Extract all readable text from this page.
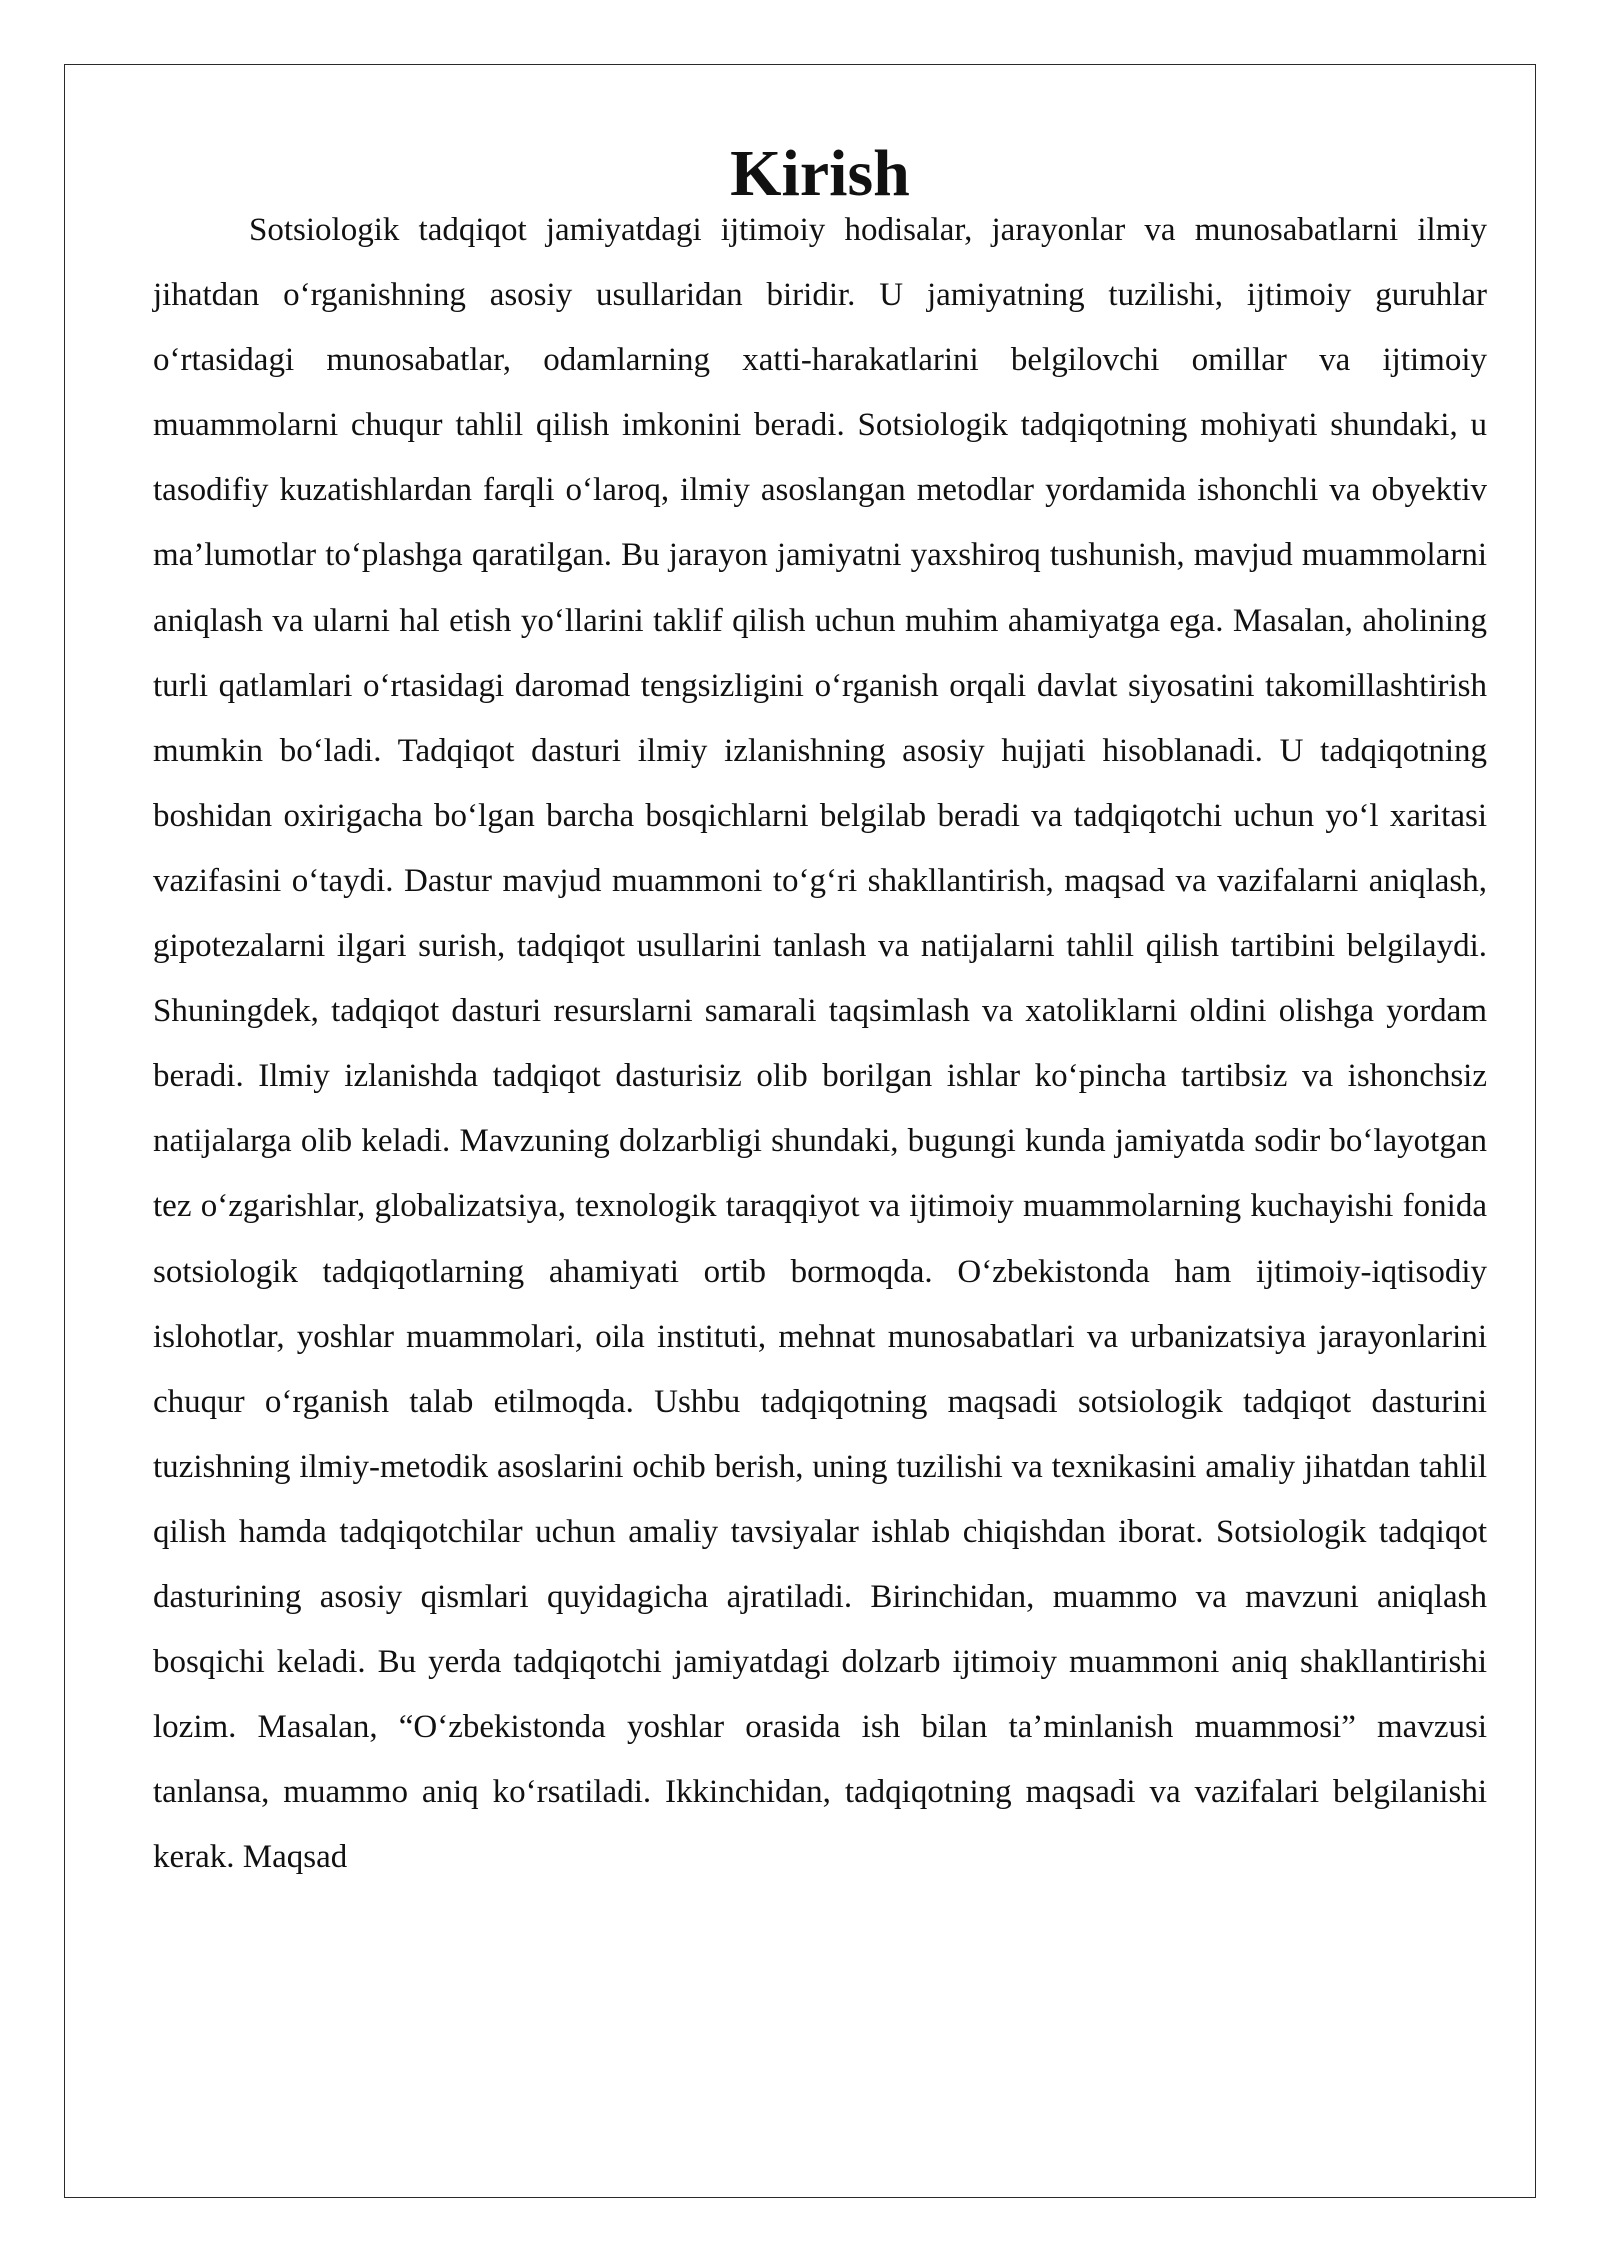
Kirish

Sotsiologik tadqiqot jamiyatdagi ijtimoiy hodisalar, jarayonlar va munosabatlarni ilmiy jihatdan o‘rganishning asosiy usullaridan biridir. U jamiyatning tuzilishi, ijtimoiy guruhlar o‘rtasidagi munosabatlar, odamlarning xatti-harakatlarini belgilovchi omillar va ijtimoiy muammolarni chuqur tahlil qilish imkonini beradi. Sotsiologik tadqiqotning mohiyati shundaki, u tasodifiy kuzatishlardan farqli o‘laroq, ilmiy asoslangan metodlar yordamida ishonchli va obyektiv ma’lumotlar to‘plashga qaratilgan. Bu jarayon jamiyatni yaxshiroq tushunish, mavjud muammolarni aniqlash va ularni hal etish yo‘llarini taklif qilish uchun muhim ahamiyatga ega. Masalan, aholining turli qatlamlari o‘rtasidagi daromad tengsizligini o‘rganish orqali davlat siyosatini takomillashtirish mumkin bo‘ladi. Tadqiqot dasturi ilmiy izlanishning asosiy hujjati hisoblanadi. U tadqiqotning boshidan oxirigacha bo‘lgan barcha bosqichlarni belgilab beradi va tadqiqotchi uchun yo‘l xaritasi vazifasini o‘taydi. Dastur mavjud muammoni to‘g‘ri shakllantirish, maqsad va vazifalarni aniqlash, gipotezalarni ilgari surish, tadqiqot usullarini tanlash va natijalarni tahlil qilish tartibini belgilaydi. Shuningdek, tadqiqot dasturi resurslarni samarali taqsimlash va xatoliklarni oldini olishga yordam beradi. Ilmiy izlanishda tadqiqot dasturisiz olib borilgan ishlar ko‘pincha tartibsiz va ishonchsiz natijalarga olib keladi. Mavzuning dolzarbligi shundaki, bugungi kunda jamiyatda sodir bo‘layotgan tez o‘zgarishlar, globalizatsiya, texnologik taraqqiyot va ijtimoiy muammolarning kuchayishi fonida sotsiologik tadqiqotlarning ahamiyati ortib bormoqda. O‘zbekistonda ham ijtimoiy-iqtisodiy islohotlar, yoshlar muammolari, oila instituti, mehnat munosabatlari va urbanizatsiya jarayonlarini chuqur o‘rganish talab etilmoqda. Ushbu tadqiqotning maqsadi sotsiologik tadqiqot dasturini tuzishning ilmiy-metodik asoslarini ochib berish, uning tuzilishi va texnikasini amaliy jihatdan tahlil qilish hamda tadqiqotchilar uchun amaliy tavsiyalar ishlab chiqishdan iborat. Sotsiologik tadqiqot dasturining asosiy qismlari quyidagicha ajratiladi. Birinchidan, muammo va mavzuni aniqlash bosqichi keladi. Bu yerda tadqiqotchi jamiyatdagi dolzarb ijtimoiy muammoni aniq shakllantirishi lozim. Masalan, “O‘zbekistonda yoshlar orasida ish bilan ta’minlanish muammosi” mavzusi tanlansa, muammo aniq ko‘rsatiladi. Ikkinchidan, tadqiqotning maqsadi va vazifalari belgilanishi kerak. Maqsad
